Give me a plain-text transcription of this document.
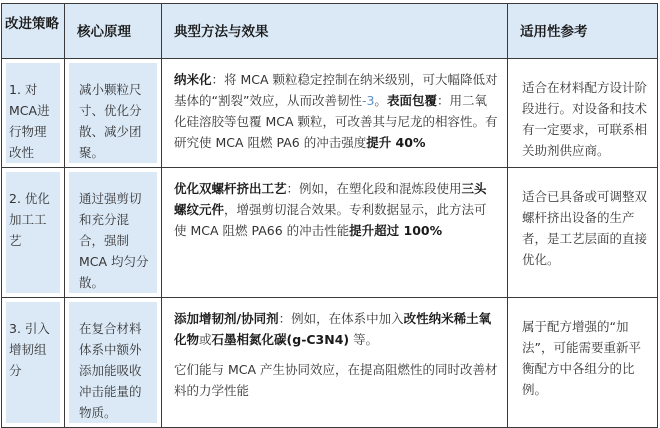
改进策略	核心原理	典型方法与效果	适用性参考

1. 对MCA进行物理改性	减小颗粒尺寸、优化分散、减少团聚。	纳米化：将 MCA 颗粒稳定控制在纳米级别，可大幅降低对基体的“割裂”效应，从而改善韧性-3。表面包覆：用二氧化硅溶胶等包覆 MCA 颗粒，可改善其与尼龙的相容性。有研究使 MCA 阻燃 PA6 的冲击强度提升 40%	适合在材料配方设计阶段进行。对设备和技术有一定要求，可联系相关助剂供应商。

2. 优化加工工艺	通过强剪切和充分混合，强制 MCA 均匀分散。	优化双螺杆挤出工艺：例如，在塑化段和混炼段使用三头螺纹元件，增强剪切混合效果。专利数据显示，此方法可使 MCA 阻燃 PA66 的冲击性能提升超过 100%	适合已具备或可调整双螺杆挤出设备的生产者，是工艺层面的直接优化。

3. 引入增韧组分	在复合材料体系中额外添加能吸收冲击能量的物质。	添加增韧剂/协同剂：例如，在体系中加入改性纳米稀土氧化物或石墨相氮化碳(g-C3N4) 等。
它们能与 MCA 产生协同效应，在提高阻燃性的同时改善材料的力学性能	属于配方增强的“加法”，可能需要重新平衡配方中各组分的比例。
